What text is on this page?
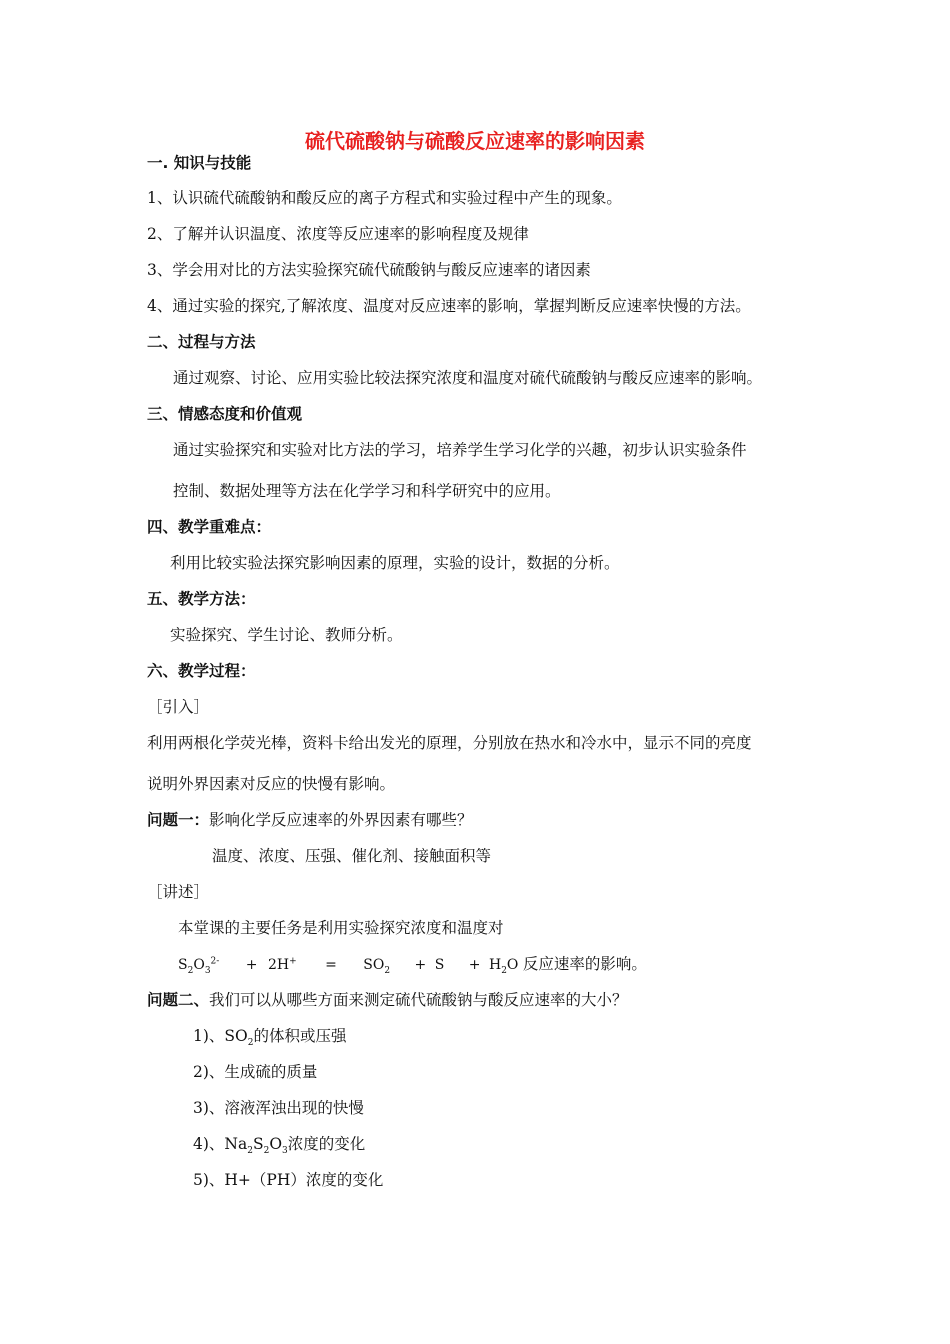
硫代硫酸钠与硫酸反应速率的影响因素
一. 知识与技能
1、认识硫代硫酸钠和酸反应的离子方程式和实验过程中产生的现象。
2、了解并认识温度、浓度等反应速率的影响程度及规律
3、学会用对比的方法实验探究硫代硫酸钠与酸反应速率的诸因素
4、通过实验的探究,了解浓度、温度对反应速率的影响，掌握判断反应速率快慢的方法。
二、过程与方法
通过观察、讨论、应用实验比较法探究浓度和温度对硫代硫酸钠与酸反应速率的影响。
三、情感态度和价值观
通过实验探究和实验对比方法的学习，培养学生学习化学的兴趣，初步认识实验条件
控制、数据处理等方法在化学学习和科学研究中的应用。
四、教学重难点：
利用比较实验法探究影响因素的原理，实验的设计，数据的分析。
五、教学方法：
实验探究、学生讨论、教师分析。
六、教学过程：
［引入］
利用两根化学荧光棒，资料卡给出发光的原理，分别放在热水和冷水中，显示不同的亮度
说明外界因素对反应的快慢有影响。
问题一：影响化学反应速率的外界因素有哪些？
温度、浓度、压强、催化剂、接触面积等
［讲述］
本堂课的主要任务是利用实验探究浓度和温度对
$S_2O_3^{2-} + 2H^+ = SO_2 + S + H_2O$ 反应速率的影响。
问题二、我们可以从哪些方面来测定硫代硫酸钠与酸反应速率的大小？
1)、$SO_2$的体积或压强
2)、生成硫的质量
3)、溶液浑浊出现的快慢
4)、$Na_2S_2O_3$浓度的变化
5)、H+（PH）浓度的变化
